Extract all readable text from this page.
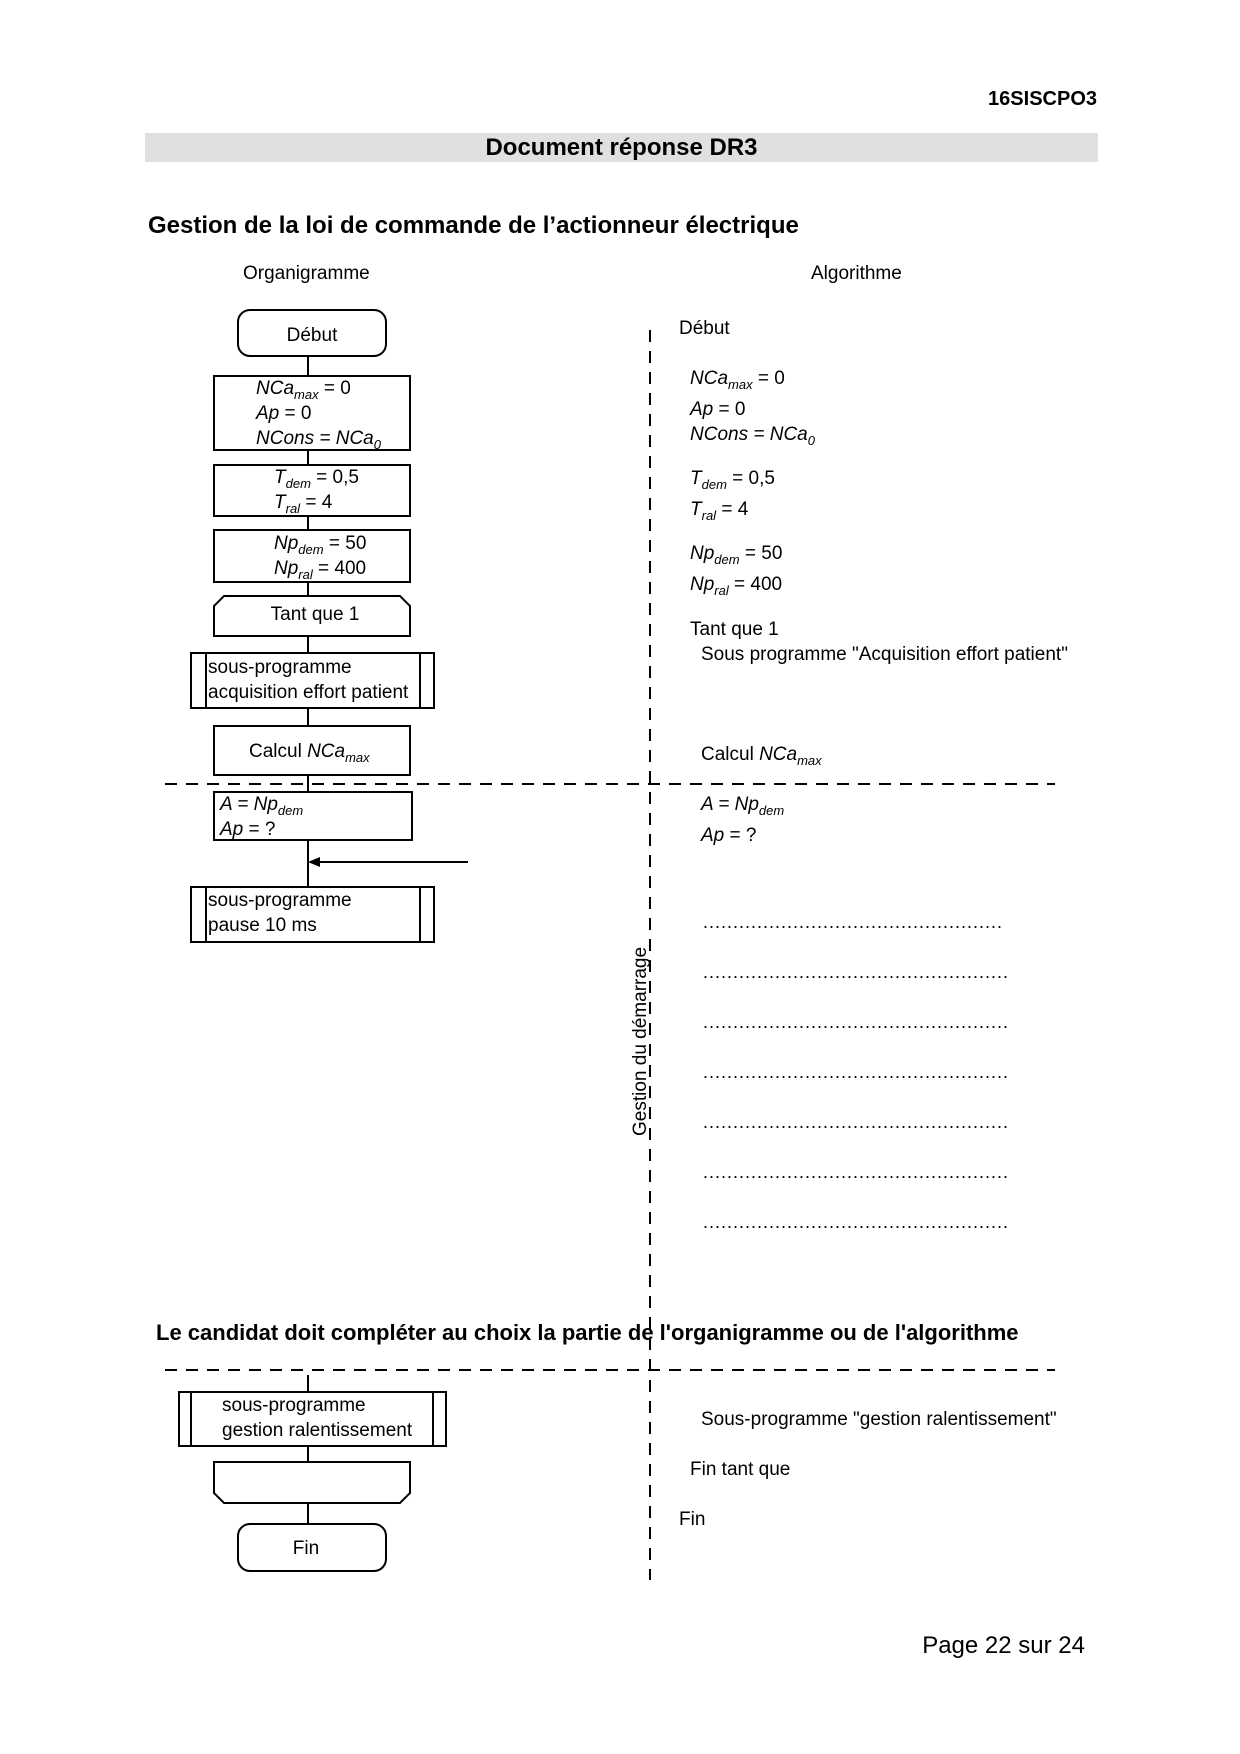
16SISCPO3
Document réponse DR3
Gestion de la loi de commande de l’actionneur électrique
Organigramme	Algorithme
Début
NCa$_{max}$ = 0
Ap = 0
NCons = NCa$_0$
$T_{dem} = 0,5$
$T_{ral} = 4$
$Np_{dem} = 50$
$Np_{ral} = 400$
Tant que 1
sous-programme
acquisition effort patient
Calcul NCa$_{max}$
$A = Np_{dem}$
Ap = ?
sous-programme
pause 10 ms
sous-programme
gestion ralentissement
Fin
Début
NCa$_{max}$ = 0
Ap = 0
NCons = NCa$_0$
$T_{dem} = 0,5$
$T_{ral} = 4$
$Np_{dem} = 50$
$Np_{ral} = 400$
Tant que 1
Sous programme "Acquisition effort patient"
Calcul NCa$_{max}$
$A = Np_{dem}$
Ap = ?
..................................................
...................................................
...................................................
...................................................
...................................................
...................................................
...................................................
Gestion du démarrage
Le candidat doit compléter au choix la partie de l'organigramme ou de l'algorithme
Sous-programme "gestion ralentissement"
Fin tant que
Fin
Page 22 sur 24
